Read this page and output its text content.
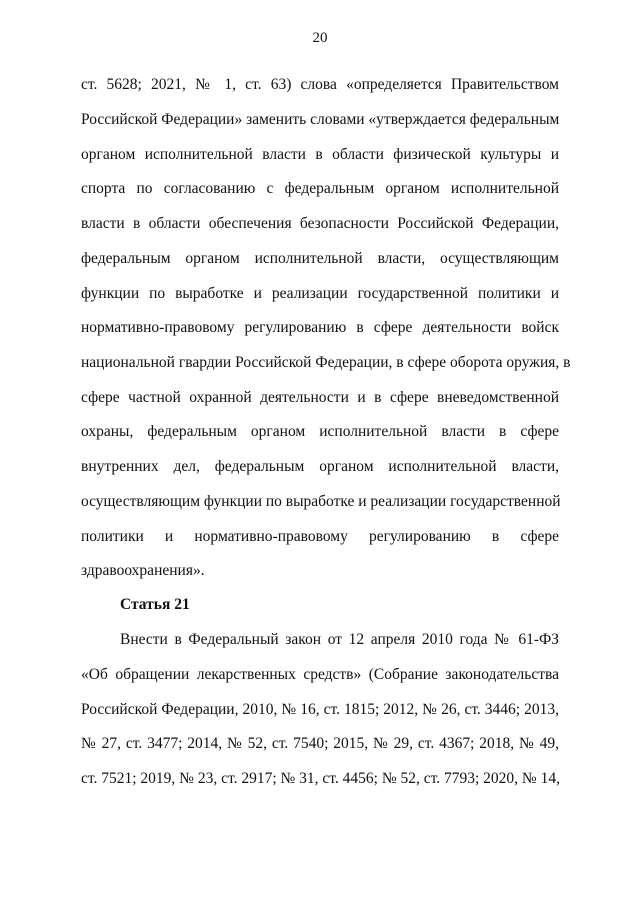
20
ст. 5628; 2021, № 1, ст. 63) слова «определяется Правительством
Российской Федерации» заменить словами «утверждается федеральным
органом исполнительной власти в области физической культуры и
спорта по согласованию с федеральным органом исполнительной
власти в области обеспечения безопасности Российской Федерации,
федеральным органом исполнительной власти, осуществляющим
функции по выработке и реализации государственной политики и
нормативно-правовому регулированию в сфере деятельности войск
национальной гвардии Российской Федерации, в сфере оборота оружия, в
сфере частной охранной деятельности и в сфере вневедомственной
охраны, федеральным органом исполнительной власти в сфере
внутренних дел, федеральным органом исполнительной власти,
осуществляющим функции по выработке и реализации государственной
политики и нормативно-правовому регулированию в сфере
здравоохранения».
Статья 21
Внести в Федеральный закон от 12 апреля 2010 года № 61-ФЗ
«Об обращении лекарственных средств» (Собрание законодательства
Российской Федерации, 2010, № 16, ст. 1815; 2012, № 26, ст. 3446; 2013,
№ 27, ст. 3477; 2014, № 52, ст. 7540; 2015, № 29, ст. 4367; 2018, № 49,
ст. 7521; 2019, № 23, ст. 2917; № 31, ст. 4456; № 52, ст. 7793; 2020, № 14,
